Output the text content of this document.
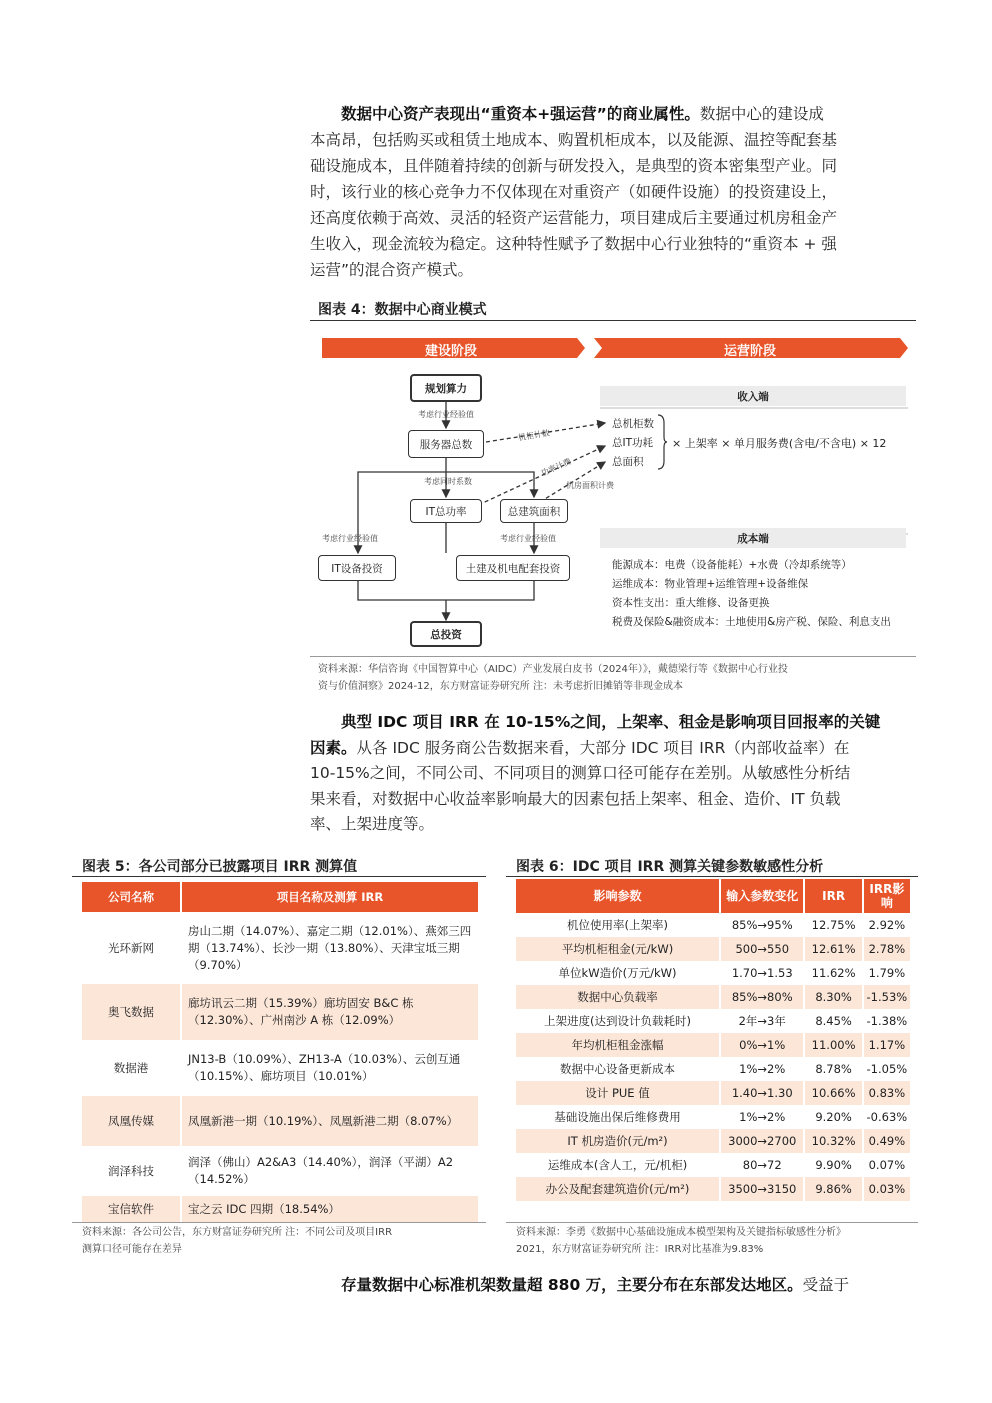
数据中心资产表现出“重资本+强运营”的商业属性。数据中心的建设成
本高昂，包括购买或租赁土地成本、购置机柜成本，以及能源、温控等配套基
础设施成本，且伴随着持续的创新与研发投入，是典型的资本密集型产业。同
时，该行业的核心竞争力不仅体现在对重资产（如硬件设施）的投资建设上，
还高度依赖于高效、灵活的轻资产运营能力，项目建成后主要通过机房租金产
生收入，现金流较为稳定。这种特性赋予了数据中心行业独特的“重资本 + 强
运营”的混合资产模式。
图表 4：数据中心商业模式
建设阶段	运营阶段
规划算力
考虑行业经验值
服务器总数
机柜计数
考虑同时系数
功率计费
机房面积计费
IT总功率	总建筑面积
考虑行业经验值	考虑行业经验值
IT设备投资	土建及机电配套投资
总投资
收入端
总机柜数
总IT功耗
总面积
× 上架率 × 单月服务费(含电/不含电) × 12
成本端
能源成本：电费（设备能耗）+水费（冷却系统等）
运维成本：物业管理+运维管理+设备维保
资本性支出：重大维修、设备更换
税费及保险&融资成本：土地使用&房产税、保险、利息支出
资料来源：华信咨询《中国智算中心（AIDC）产业发展白皮书（2024年）》，戴德梁行等《数据中心行业投
资与价值洞察》2024-12，东方财富证券研究所 注：未考虑折旧摊销等非现金成本
典型 IDC 项目 IRR 在 10-15%之间，上架率、租金是影响项目回报率的关键
因素。从各 IDC 服务商公告数据来看，大部分 IDC 项目 IRR（内部收益率）在
10-15%之间，不同公司、不同项目的测算口径可能存在差别。从敏感性分析结
果来看，对数据中心收益率影响最大的因素包括上架率、租金、造价、IT 负载
率、上架进度等。
图表 5：各公司部分已披露项目 IRR 测算值
公司名称	项目名称及测算 IRR
光环新网	房山二期（14.07%）、嘉定二期（12.01%）、燕郊三四期（13.74%）、长沙一期（13.80%）、天津宝坻三期（9.70%）
奥飞数据	廊坊讯云二期（15.39%）廊坊固安 B&C 栋（12.30%）、广州南沙 A 栋（12.09%）
数据港	JN13-B（10.09%）、ZH13-A（10.03%）、云创互通（10.15%）、廊坊项目（10.01%）
凤凰传媒	凤凰新港一期（10.19%）、凤凰新港二期（8.07%）
润泽科技	润泽（佛山）A2&A3（14.40%），润泽（平湖）A2（14.52%）
宝信软件	宝之云 IDC 四期（18.54%）
资料来源：各公司公告，东方财富证券研究所 注：不同公司及项目IRR
测算口径可能存在差异
图表 6：IDC 项目 IRR 测算关键参数敏感性分析
影响参数	输入参数变化	IRR	IRR影响
机位使用率(上架率)	85%→95%	12.75%	2.92%
平均机柜租金(元/kW)	500→550	12.61%	2.78%
单位kW造价(万元/kW)	1.70→1.53	11.62%	1.79%
数据中心负载率	85%→80%	8.30%	-1.53%
上架进度(达到设计负载耗时)	2年→3年	8.45%	-1.38%
年均机柜租金涨幅	0%→1%	11.00%	1.17%
数据中心设备更新成本	1%→2%	8.78%	-1.05%
设计 PUE 值	1.40→1.30	10.66%	0.83%
基础设施出保后维修费用	1%→2%	9.20%	-0.63%
IT 机房造价(元/m²)	3000→2700	10.32%	0.49%
运维成本(含人工，元/机柜)	80→72	9.90%	0.07%
办公及配套建筑造价(元/m²)	3500→3150	9.86%	0.03%
资料来源：李勇《数据中心基础设施成本模型架构及关键指标敏感性分析》
2021，东方财富证券研究所 注：IRR对比基准为9.83%
存量数据中心标准机架数量超 880 万，主要分布在东部发达地区。受益于
